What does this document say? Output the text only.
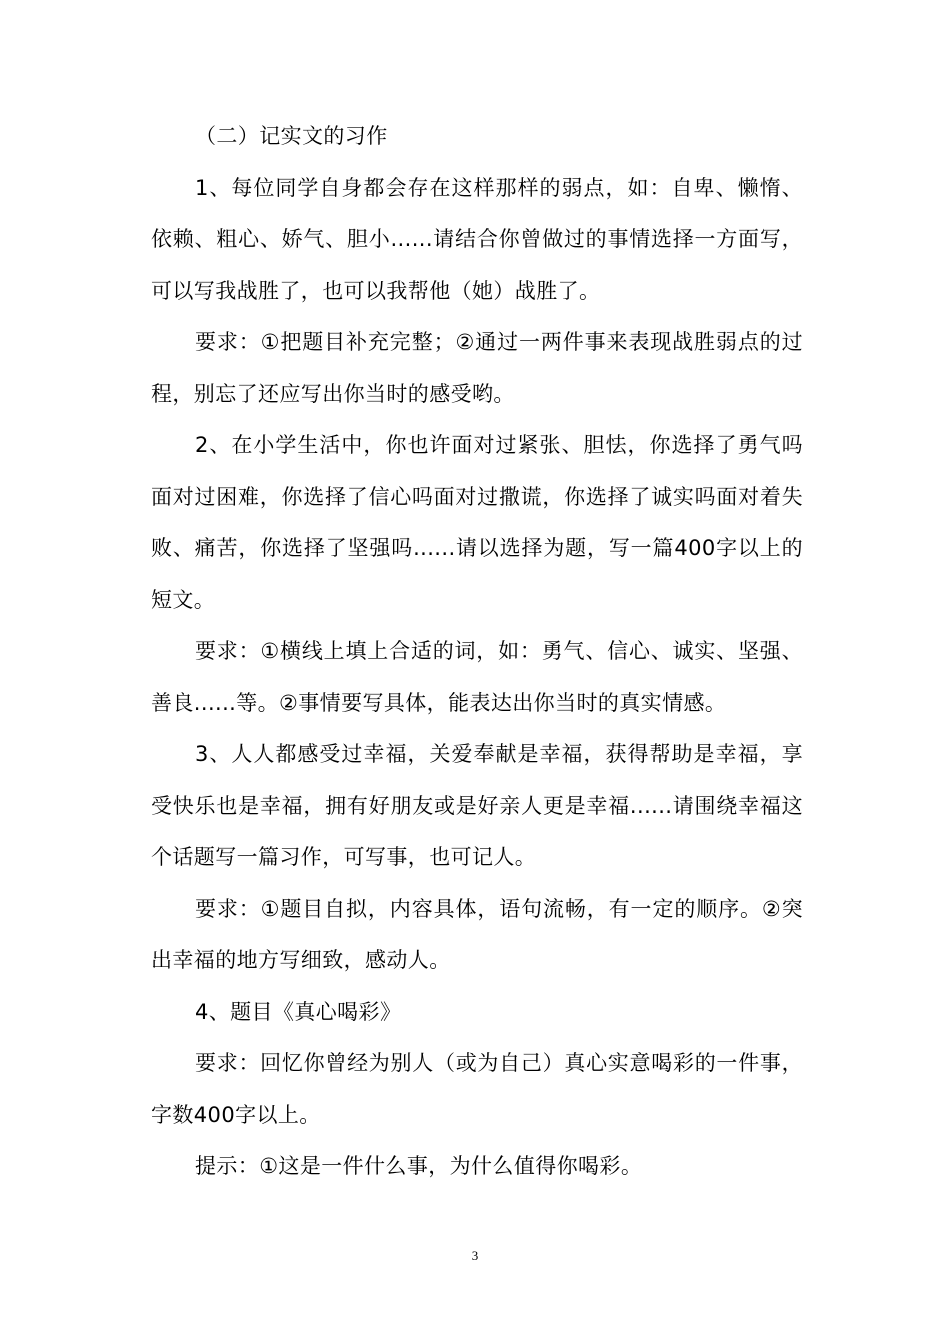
（二）记实文的习作

1、每位同学自身都会存在这样那样的弱点，如：自卑、懒惰、依赖、粗心、娇气、胆小......请结合你曾做过的事情选择一方面写，可以写我战胜了，也可以我帮他（她）战胜了。

要求：①把题目补充完整；②通过一两件事来表现战胜弱点的过程，别忘了还应写出你当时的感受哟。

2、在小学生活中，你也许面对过紧张、胆怯，你选择了勇气吗面对过困难，你选择了信心吗面对过撒谎，你选择了诚实吗面对着失败、痛苦，你选择了坚强吗......请以选择为题，写一篇400字以上的短文。

要求：①横线上填上合适的词，如：勇气、信心、诚实、坚强、善良......等。②事情要写具体，能表达出你当时的真实情感。

3、人人都感受过幸福，关爱奉献是幸福，获得帮助是幸福，享受快乐也是幸福，拥有好朋友或是好亲人更是幸福......请围绕幸福这个话题写一篇习作，可写事，也可记人。

要求：①题目自拟，内容具体，语句流畅，有一定的顺序。②突出幸福的地方写细致，感动人。

4、题目《真心喝彩》

要求：回忆你曾经为别人（或为自己）真心实意喝彩的一件事，字数400字以上。

提示：①这是一件什么事，为什么值得你喝彩。

3
